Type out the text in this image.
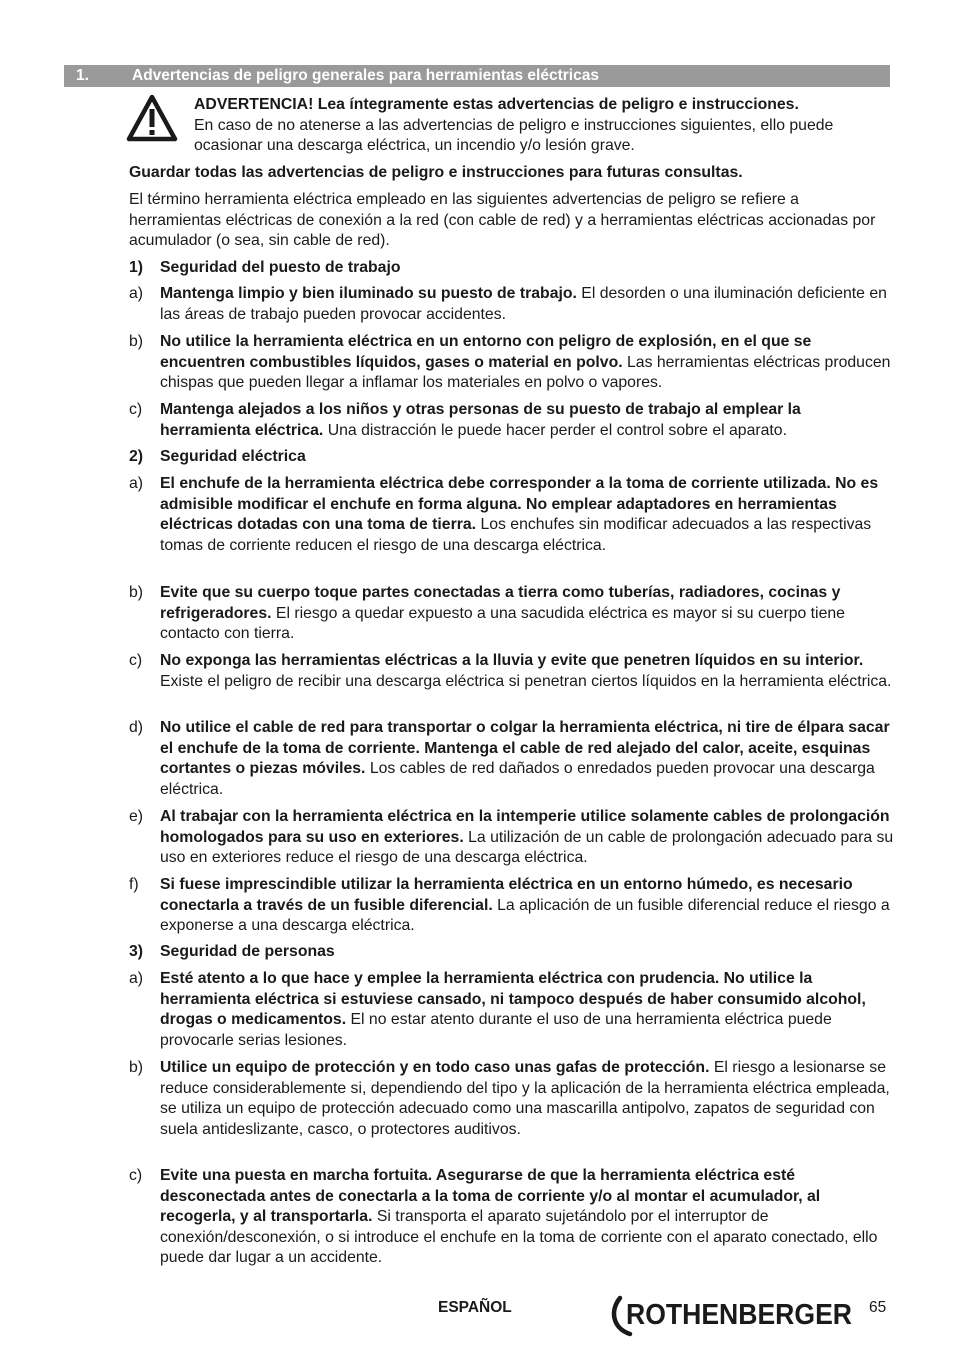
1.	Advertencias de peligro generales para herramientas eléctricas
ADVERTENCIA! Lea íntegramente estas advertencias de peligro e instrucciones.
En caso de no atenerse a las advertencias de peligro e instrucciones siguientes, ello puede ocasionar una descarga eléctrica, un incendio y/o lesión grave.
Guardar todas las advertencias de peligro e instrucciones para futuras consultas.
El término herramienta eléctrica empleado en las siguientes advertencias de peligro se refiere a herramientas eléctricas de conexión a la red (con cable de red) y a herramientas eléctricas accionadas por acumulador (o sea, sin cable de red).
1)	Seguridad del puesto de trabajo
a)	Mantenga limpio y bien iluminado su puesto de trabajo. El desorden o una iluminación deficiente en las áreas de trabajo pueden provocar accidentes.
b)	No utilice la herramienta eléctrica en un entorno con peligro de explosión, en el que se encuentren combustibles líquidos, gases o material en polvo. Las herramientas eléctricas producen chispas que pueden llegar a inflamar los materiales en polvo o vapores.
c)	Mantenga alejados a los niños y otras personas de su puesto de trabajo al emplear la herramienta eléctrica. Una distracción le puede hacer perder el control sobre el aparato.
2)	Seguridad eléctrica
a)	El enchufe de la herramienta eléctrica debe corresponder a la toma de corriente utilizada. No es admisible modificar el enchufe en forma alguna. No emplear adaptadores en herramientas eléctricas dotadas con una toma de tierra. Los enchufes sin modificar adecuados a las respectivas tomas de corriente reducen el riesgo de una descarga eléctrica.
b)	Evite que su cuerpo toque partes conectadas a tierra como tuberías, radiadores, cocinas y refrigeradores. El riesgo a quedar expuesto a una sacudida eléctrica es mayor si su cuerpo tiene contacto con tierra.
c)	No exponga las herramientas eléctricas a la lluvia y evite que penetren líquidos en su interior. Existe el peligro de recibir una descarga eléctrica si penetran ciertos líquidos en la herramienta eléctrica.
d)	No utilice el cable de red para transportar o colgar la herramienta eléctrica, ni tire de élpara sacar el enchufe de la toma de corriente. Mantenga el cable de red alejado del calor, aceite, esquinas cortantes o piezas móviles. Los cables de red dañados o enredados pueden provocar una descarga eléctrica.
e)	Al trabajar con la herramienta eléctrica en la intemperie utilice solamente cables de prolongación homologados para su uso en exteriores. La utilización de un cable de prolongación adecuado para su uso en exteriores reduce el riesgo de una descarga eléctrica.
f)	Si fuese imprescindible utilizar la herramienta eléctrica en un entorno húmedo, es necesario conectarla a través de un fusible diferencial. La aplicación de un fusible diferencial reduce el riesgo a exponerse a una descarga eléctrica.
3)	Seguridad de personas
a)	Esté atento a lo que hace y emplee la herramienta eléctrica con prudencia. No utilice la herramienta eléctrica si estuviese cansado, ni tampoco después de haber consumido alcohol, drogas o medicamentos. El no estar atento durante el uso de una herramienta eléctrica puede provocarle serias lesiones.
b)	Utilice un equipo de protección y en todo caso unas gafas de protección. El riesgo a lesionarse se reduce considerablemente si, dependiendo del tipo y la aplicación de la herramienta eléctrica empleada, se utiliza un equipo de protección adecuado como una mascarilla antipolvo, zapatos de seguridad con suela antideslizante, casco, o protectores auditivos.
c)	Evite una puesta en marcha fortuita. Asegurarse de que la herramienta eléctrica esté desconectada antes de conectarla a la toma de corriente y/o al montar el acumulador, al recogerla, y al transportarla. Si transporta el aparato sujetándolo por el interruptor de conexión/desconexión, o si introduce el enchufe en la toma de corriente con el aparato conectado, ello puede dar lugar a un accidente.
ESPAÑOL	ROTHENBERGER 65
